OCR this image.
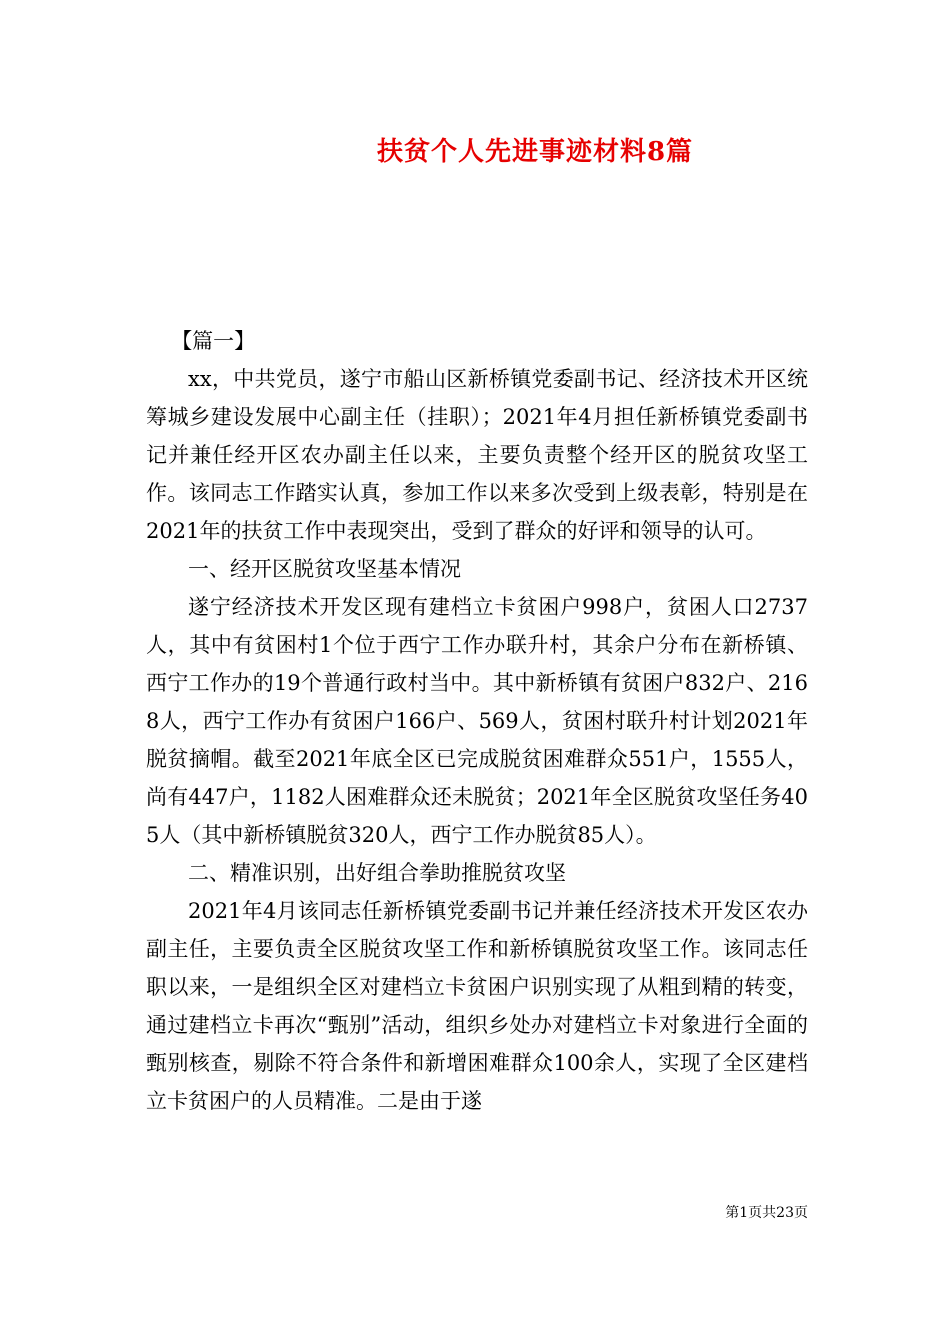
扶贫个人先进事迹材料8篇

【篇一】

xx，中共党员，遂宁市船山区新桥镇党委副书记、经济技术开区统筹城乡建设发展中心副主任（挂职）；2021年4月担任新桥镇党委副书记并兼任经开区农办副主任以来，主要负责整个经开区的脱贫攻坚工作。该同志工作踏实认真，参加工作以来多次受到上级表彰，特别是在2021年的扶贫工作中表现突出，受到了群众的好评和领导的认可。

一、经开区脱贫攻坚基本情况

遂宁经济技术开发区现有建档立卡贫困户998户，贫困人口2737人，其中有贫困村1个位于西宁工作办联升村，其余户分布在新桥镇、西宁工作办的19个普通行政村当中。其中新桥镇有贫困户832户、2168人，西宁工作办有贫困户166户、569人，贫困村联升村计划2021年脱贫摘帽。截至2021年底全区已完成脱贫困难群众551户，1555人，尚有447户，1182人困难群众还未脱贫；2021年全区脱贫攻坚任务405人（其中新桥镇脱贫320人，西宁工作办脱贫85人）。

二、精准识别，出好组合拳助推脱贫攻坚

2021年4月该同志任新桥镇党委副书记并兼任经济技术开发区农办副主任，主要负责全区脱贫攻坚工作和新桥镇脱贫攻坚工作。该同志任职以来，一是组织全区对建档立卡贫困户识别实现了从粗到精的转变，通过建档立卡再次“甄别”活动，组织乡处办对建档立卡对象进行全面的甄别核查，剔除不符合条件和新增困难群众100余人，实现了全区建档立卡贫困户的人员精准。二是由于遂

第1页共23页
